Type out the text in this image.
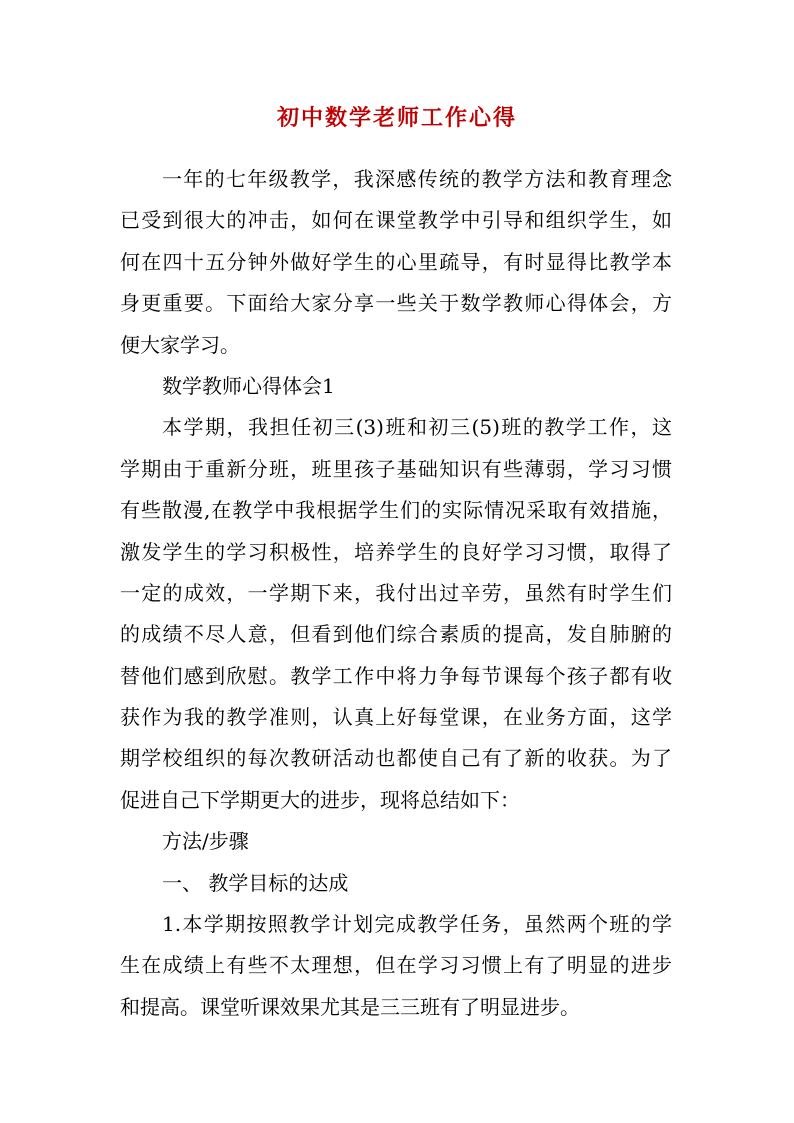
初中数学老师工作心得
一年的七年级教学，我深感传统的教学方法和教育理念
已受到很大的冲击，如何在课堂教学中引导和组织学生，如
何在四十五分钟外做好学生的心里疏导，有时显得比教学本
身更重要。下面给大家分享一些关于数学教师心得体会，方
便大家学习。
数学教师心得体会1
本学期，我担任初三(3)班和初三(5)班的教学工作，这
学期由于重新分班，班里孩子基础知识有些薄弱，学习习惯
有些散漫,在教学中我根据学生们的实际情况采取有效措施，
激发学生的学习积极性，培养学生的良好学习习惯，取得了
一定的成效，一学期下来，我付出过辛劳，虽然有时学生们
的成绩不尽人意，但看到他们综合素质的提高，发自肺腑的
替他们感到欣慰。教学工作中将力争每节课每个孩子都有收
获作为我的教学准则，认真上好每堂课，在业务方面，这学
期学校组织的每次教研活动也都使自己有了新的收获。为了
促进自己下学期更大的进步，现将总结如下：
方法/步骤
一、 教学目标的达成
1.本学期按照教学计划完成教学任务，虽然两个班的学
生在成绩上有些不太理想，但在学习习惯上有了明显的进步
和提高。课堂听课效果尤其是三三班有了明显进步。
